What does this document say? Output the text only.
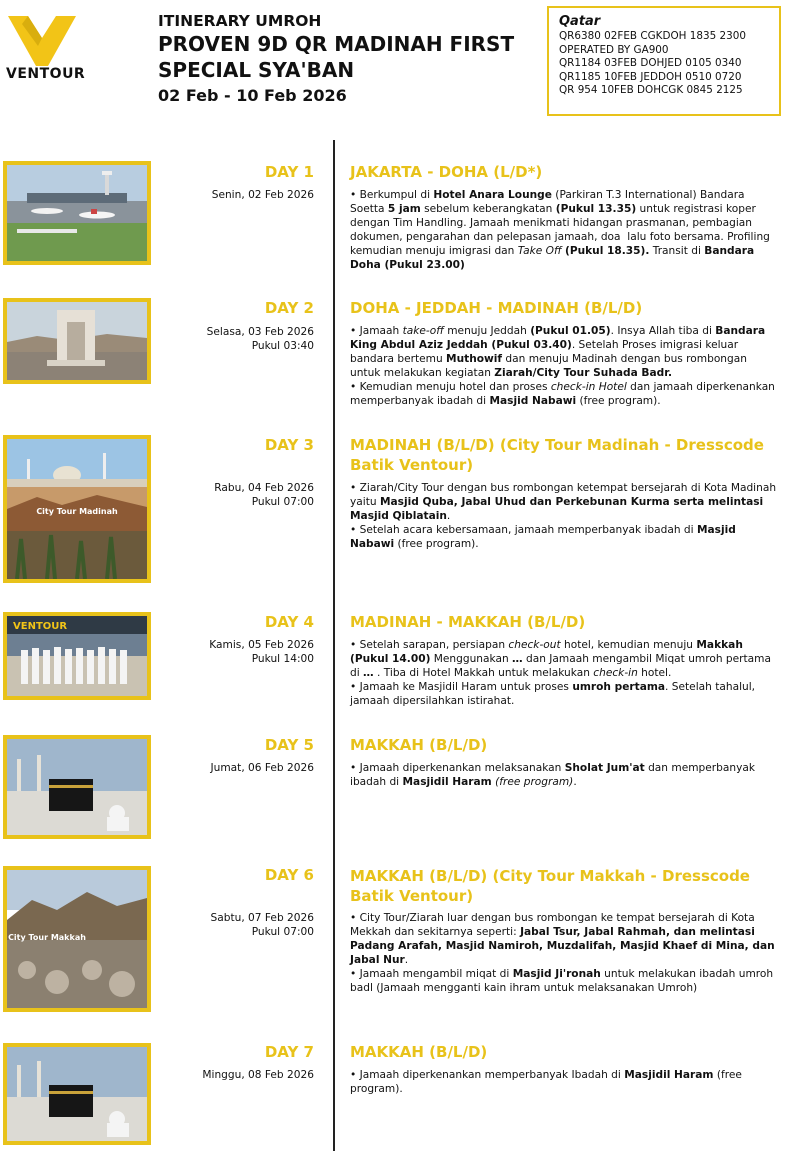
VENTOUR
ITINERARY UMROH
PROVEN 9D QR MADINAH FIRST
SPECIAL SYA'BAN
02 Feb - 10 Feb 2026
Qatar
QR6380 02FEB CGKDOH 1835 2300
OPERATED BY GA900
QR1184 03FEB DOHJED 0105 0340
QR1185 10FEB JEDDOH 0510 0720
QR 954 10FEB DOHCGK 0845 2125
DAY 1
Senin, 02 Feb 2026
JAKARTA - DOHA (L/D*)
• Berkumpul di Hotel Anara Lounge (Parkiran T.3 International) Bandara Soetta 5 jam sebelum keberangkatan (Pukul 13.35) untuk registrasi koper dengan Tim Handling. Jamaah menikmati hidangan prasmanan, pembagian dokumen, pengarahan dan pelepasan jamaah, doa  lalu foto bersama. Profiling kemudian menuju imigrasi dan Take Off (Pukul 18.35). Transit di Bandara Doha (Pukul 23.00)
DAY 2
Selasa, 03 Feb 2026
Pukul 03:40
DOHA - JEDDAH - MADINAH (B/L/D)
• Jamaah take-off menuju Jeddah (Pukul 01.05). Insya Allah tiba di Bandara King Abdul Aziz Jeddah (Pukul 03.40). Setelah Proses imigrasi keluar bandara bertemu Muthowif dan menuju Madinah dengan bus rombongan untuk melakukan kegiatan Ziarah/City Tour Suhada Badr.
• Kemudian menuju hotel dan proses check-in Hotel dan jamaah diperkenankan memperbanyak ibadah di Masjid Nabawi (free program).
City Tour Madinah
DAY 3
Rabu, 04 Feb 2026
Pukul 07:00
MADINAH (B/L/D) (City Tour Madinah - Dresscode Batik Ventour)
• Ziarah/City Tour dengan bus rombongan ketempat bersejarah di Kota Madinah yaitu Masjid Quba, Jabal Uhud dan Perkebunan Kurma serta melintasi Masjid Qiblatain.
• Setelah acara kebersamaan, jamaah memperbanyak ibadah di Masjid Nabawi (free program).
VENTOUR	DAY 4
Kamis, 05 Feb 2026
Pukul 14:00
MADINAH - MAKKAH (B/L/D)
• Setelah sarapan, persiapan check-out hotel, kemudian menuju Makkah (Pukul 14.00) Menggunakan … dan Jamaah mengambil Miqat umroh pertama di … . Tiba di Hotel Makkah untuk melakukan check-in hotel.
• Jamaah ke Masjidil Haram untuk proses umroh pertama. Setelah tahalul, jamaah dipersilahkan istirahat.
DAY 5
Jumat, 06 Feb 2026
MAKKAH (B/L/D)
• Jamaah diperkenankan melaksanakan Sholat Jum'at dan memperbanyak ibadah di Masjidil Haram (free program).
City Tour Makkah
DAY 6
Sabtu, 07 Feb 2026
Pukul 07:00
MAKKAH (B/L/D) (City Tour Makkah - Dresscode Batik Ventour)
• City Tour/Ziarah luar dengan bus rombongan ke tempat bersejarah di Kota Mekkah dan sekitarnya seperti: Jabal Tsur, Jabal Rahmah, dan melintasi Padang Arafah, Masjid Namiroh, Muzdalifah, Masjid Khaef di Mina, dan Jabal Nur.
• Jamaah mengambil miqat di Masjid Ji'ronah untuk melakukan ibadah umroh badl (Jamaah mengganti kain ihram untuk melaksanakan Umroh)
DAY 7
Minggu, 08 Feb 2026
MAKKAH (B/L/D)
• Jamaah diperkenankan memperbanyak Ibadah di Masjidil Haram (free program).
